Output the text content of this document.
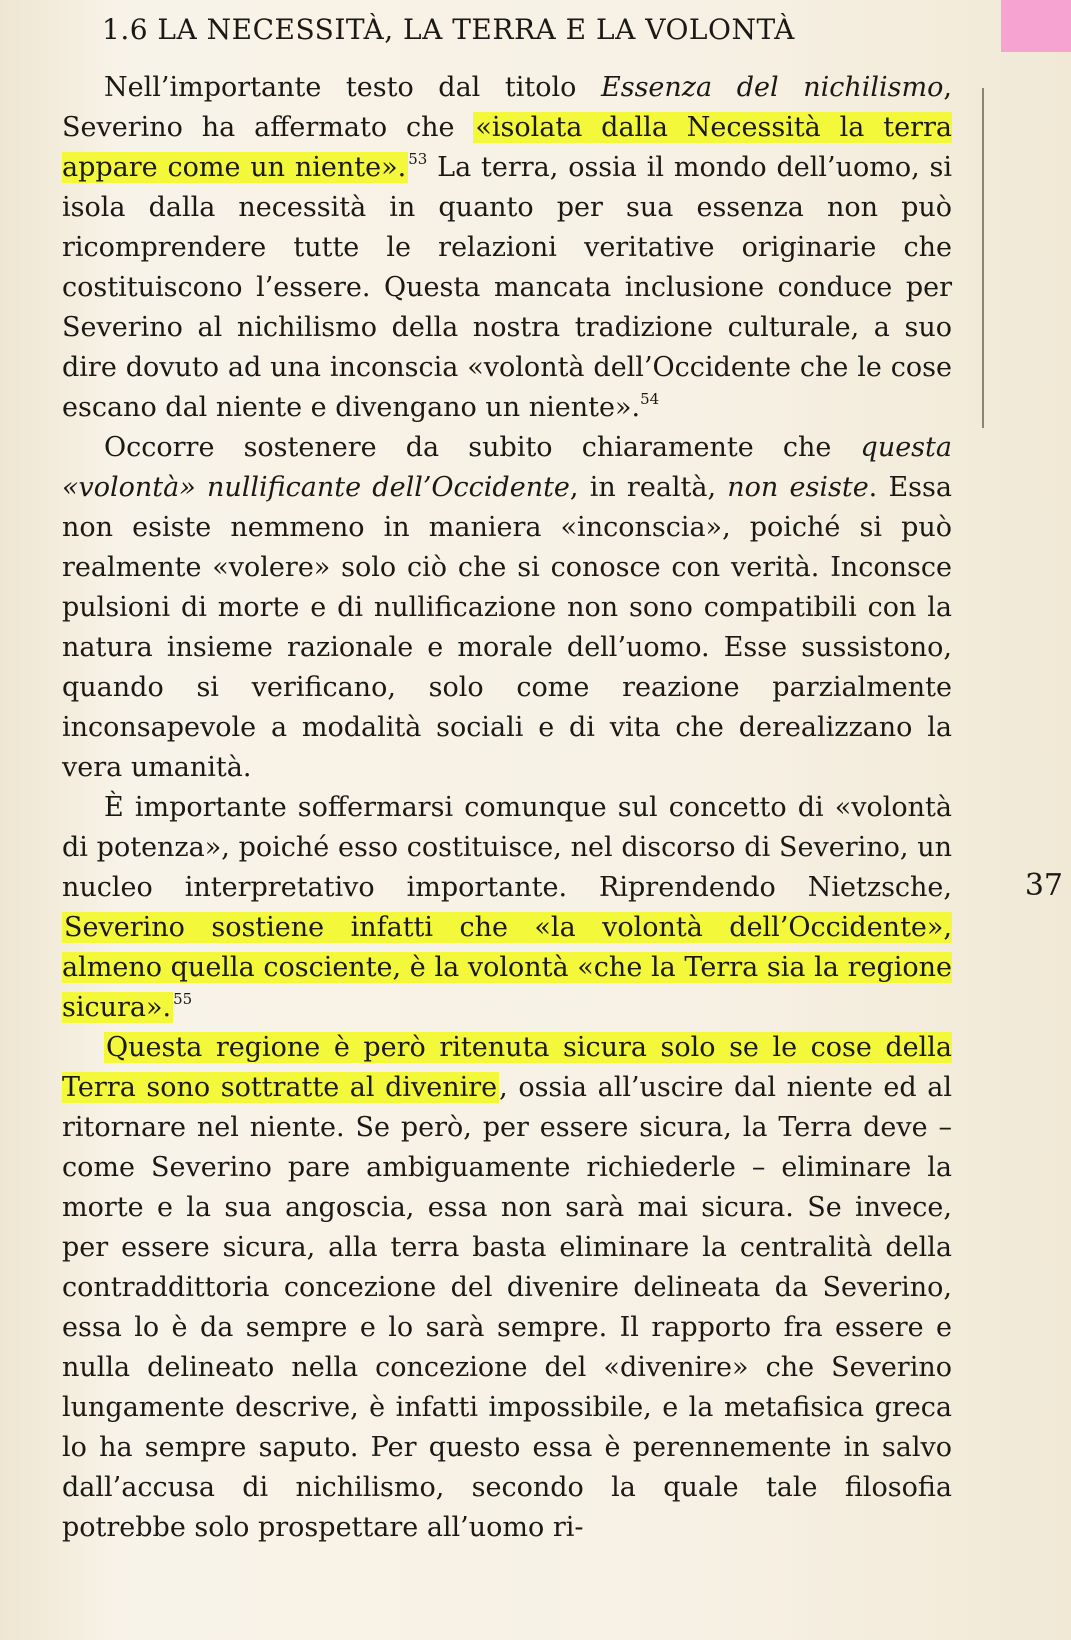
1.6 LA NECESSITÀ, LA TERRA E LA VOLONTÀ

Nell’importante testo dal titolo Essenza del nichilismo, Severino ha affermato che «isolata dalla Necessità la terra appare come un niente». $^{53}$ La terra, ossia il mondo dell’uomo, si isola dalla necessità in quanto per sua essenza non può ricomprendere tutte le relazioni veritative originarie che costituiscono l’essere. Questa mancata inclusione conduce per Severino al nichilismo della nostra tradizione culturale, a suo dire dovuto ad una inconscia «volontà dell’Occidente che le cose escano dal niente e divengano un niente».$^{54}$

Occorre sostenere da subito chiaramente che questa «volontà» nullificante dell’Occidente, in realtà, non esiste. Essa non esiste nemmeno in maniera «inconscia», poiché si può realmente «volere» solo ciò che si conosce con verità. Inconsce pulsioni di morte e di nullificazione non sono compatibili con la natura insieme razionale e morale dell’uomo. Esse sussistono, quando si verificano, solo come reazione parzialmente inconsapevole a modalità sociali e di vita che derealizzano la vera umanità.

È importante soffermarsi comunque sul concetto di «volontà di potenza», poiché esso costituisce, nel discorso di Severino, un nucleo interpretativo importante. Riprendendo Nietzsche, Severino sostiene infatti che «la volontà dell’Occidente», almeno quella cosciente, è la volontà «che la Terra sia la regione sicura». $^{55}$

Questa regione è però ritenuta sicura solo se le cose della Terra sono sottratte al divenire, ossia all’uscire dal niente ed al ritornare nel niente. Se però, per essere sicura, la Terra deve – come Severino pare ambiguamente richiederle – eliminare la morte e la sua angoscia, essa non sarà mai sicura. Se invece, per essere sicura, alla terra basta eliminare la centralità della contraddittoria concezione del divenire delineata da Severino, essa lo è da sempre e lo sarà sempre. Il rapporto fra essere e nulla delineato nella concezione del «divenire» che Severino lungamente descrive, è infatti impossibile, e la metafisica greca lo ha sempre saputo. Per questo essa è perennemente in salvo dall’accusa di nichilismo, secondo la quale tale filosofia potrebbe solo prospettare all’uomo ri-

37
